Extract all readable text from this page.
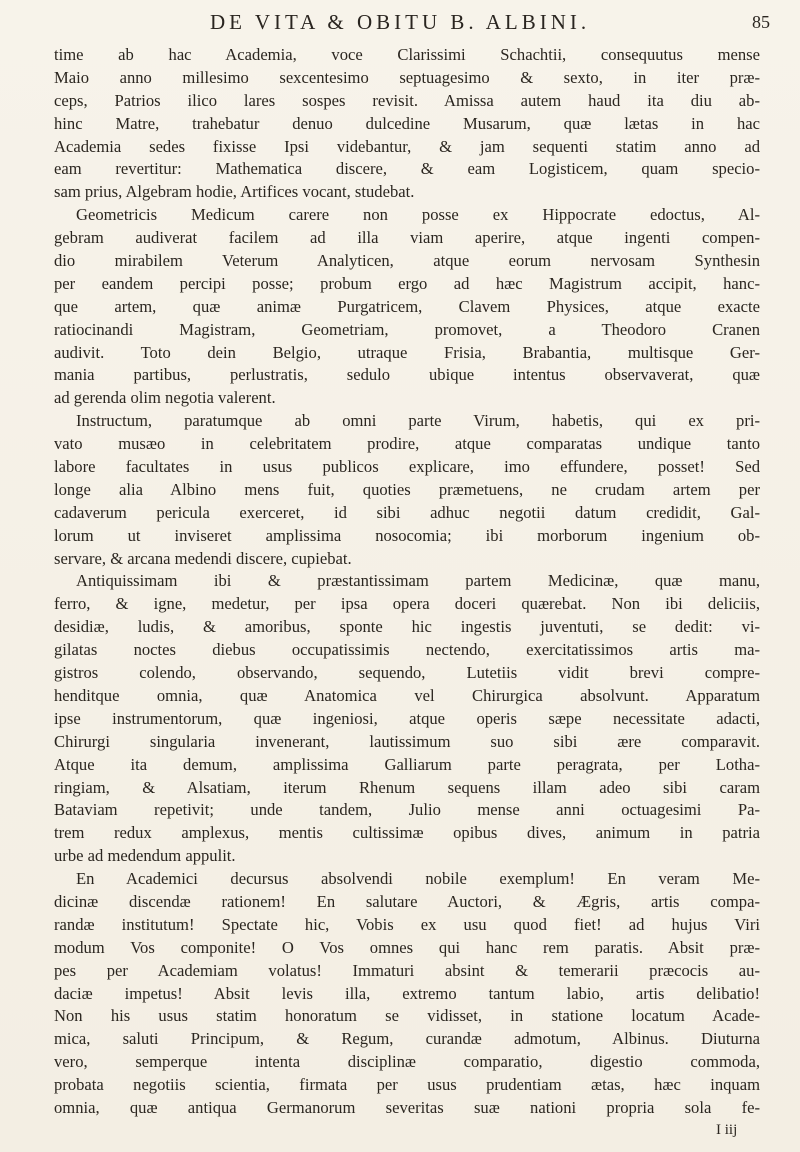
DE VITA & OBITU B. ALBINI.	85
time ab hac Academia, voce Clarissimi Schachtii, consequutus mense
Maio anno millesimo sexcentesimo septuagesimo & sexto, in iter præ-
ceps, Patrios ilico lares sospes revisit. Amissa autem haud ita diu ab-
hinc Matre, trahebatur denuo dulcedine Musarum, quæ lætas in hac
Academia sedes fixisse Ipsi videbantur, & jam sequenti statim anno ad
eam revertitur: Mathematica discere, & eam Logisticem, quam specio-
sam prius, Algebram hodie, Artifices vocant, studebat.
Geometricis Medicum carere non posse ex Hippocrate edoctus, Al-
gebram audiverat facilem ad illa viam aperire, atque ingenti compen-
dio mirabilem Veterum Analyticen, atque eorum nervosam Synthesin
per eandem percipi posse; probum ergo ad hæc Magistrum accipit, hanc-
que artem, quæ animæ Purgatricem, Clavem Physices, atque exacte
ratiocinandi Magistram, Geometriam, promovet, a Theodoro Cranen
audivit. Toto dein Belgio, utraque Frisia, Brabantia, multisque Ger-
mania partibus, perlustratis, sedulo ubique intentus observaverat, quæ
ad gerenda olim negotia valerent.
Instructum, paratumque ab omni parte Virum, habetis, qui ex pri-
vato musæo in celebritatem prodire, atque comparatas undique tanto
labore facultates in usus publicos explicare, imo effundere, posset! Sed
longe alia Albino mens fuit, quoties præmetuens, ne crudam artem per
cadaverum pericula exerceret, id sibi adhuc negotii datum credidit, Gal-
lorum ut inviseret amplissima nosocomia; ibi morborum ingenium ob-
servare, & arcana medendi discere, cupiebat.
Antiquissimam ibi & præstantissimam partem Medicinæ, quæ manu,
ferro, & igne, medetur, per ipsa opera doceri quærebat. Non ibi deliciis,
desidiæ, ludis, & amoribus, sponte hic ingestis juventuti, se dedit: vi-
gilatas noctes diebus occupatissimis nectendo, exercitatissimos artis ma-
gistros colendo, observando, sequendo, Lutetiis vidit brevi compre-
henditque omnia, quæ Anatomica vel Chirurgica absolvunt. Apparatum
ipse instrumentorum, quæ ingeniosi, atque operis sæpe necessitate adacti,
Chirurgi singularia invenerant, lautissimum suo sibi ære comparavit.
Atque ita demum, amplissima Galliarum parte peragrata, per Lotha-
ringiam, & Alsatiam, iterum Rhenum sequens illam adeo sibi caram
Bataviam repetivit; unde tandem, Julio mense anni octuagesimi Pa-
trem redux amplexus, mentis cultissimæ opibus dives, animum in patria
urbe ad medendum appulit.
En Academici decursus absolvendi nobile exemplum! En veram Me-
dicinæ discendæ rationem! En salutare Auctori, & Ægris, artis compa-
randæ institutum! Spectate hic, Vobis ex usu quod fiet! ad hujus Viri
modum Vos componite! O Vos omnes qui hanc rem paratis. Absit præ-
pes per Academiam volatus! Immaturi absint & temerarii præcocis au-
daciæ impetus! Absit levis illa, extremo tantum labio, artis delibatio!
Non his usus statim honoratum se vidisset, in statione locatum Acade-
mica, saluti Principum, & Regum, curandæ admotum, Albinus. Diuturna
vero, semperque intenta disciplinæ comparatio, digestio commoda,
probata negotiis scientia, firmata per usus prudentiam ætas, hæc inquam
omnia, quæ antiqua Germanorum severitas suæ nationi propria sola fe-
I iij
